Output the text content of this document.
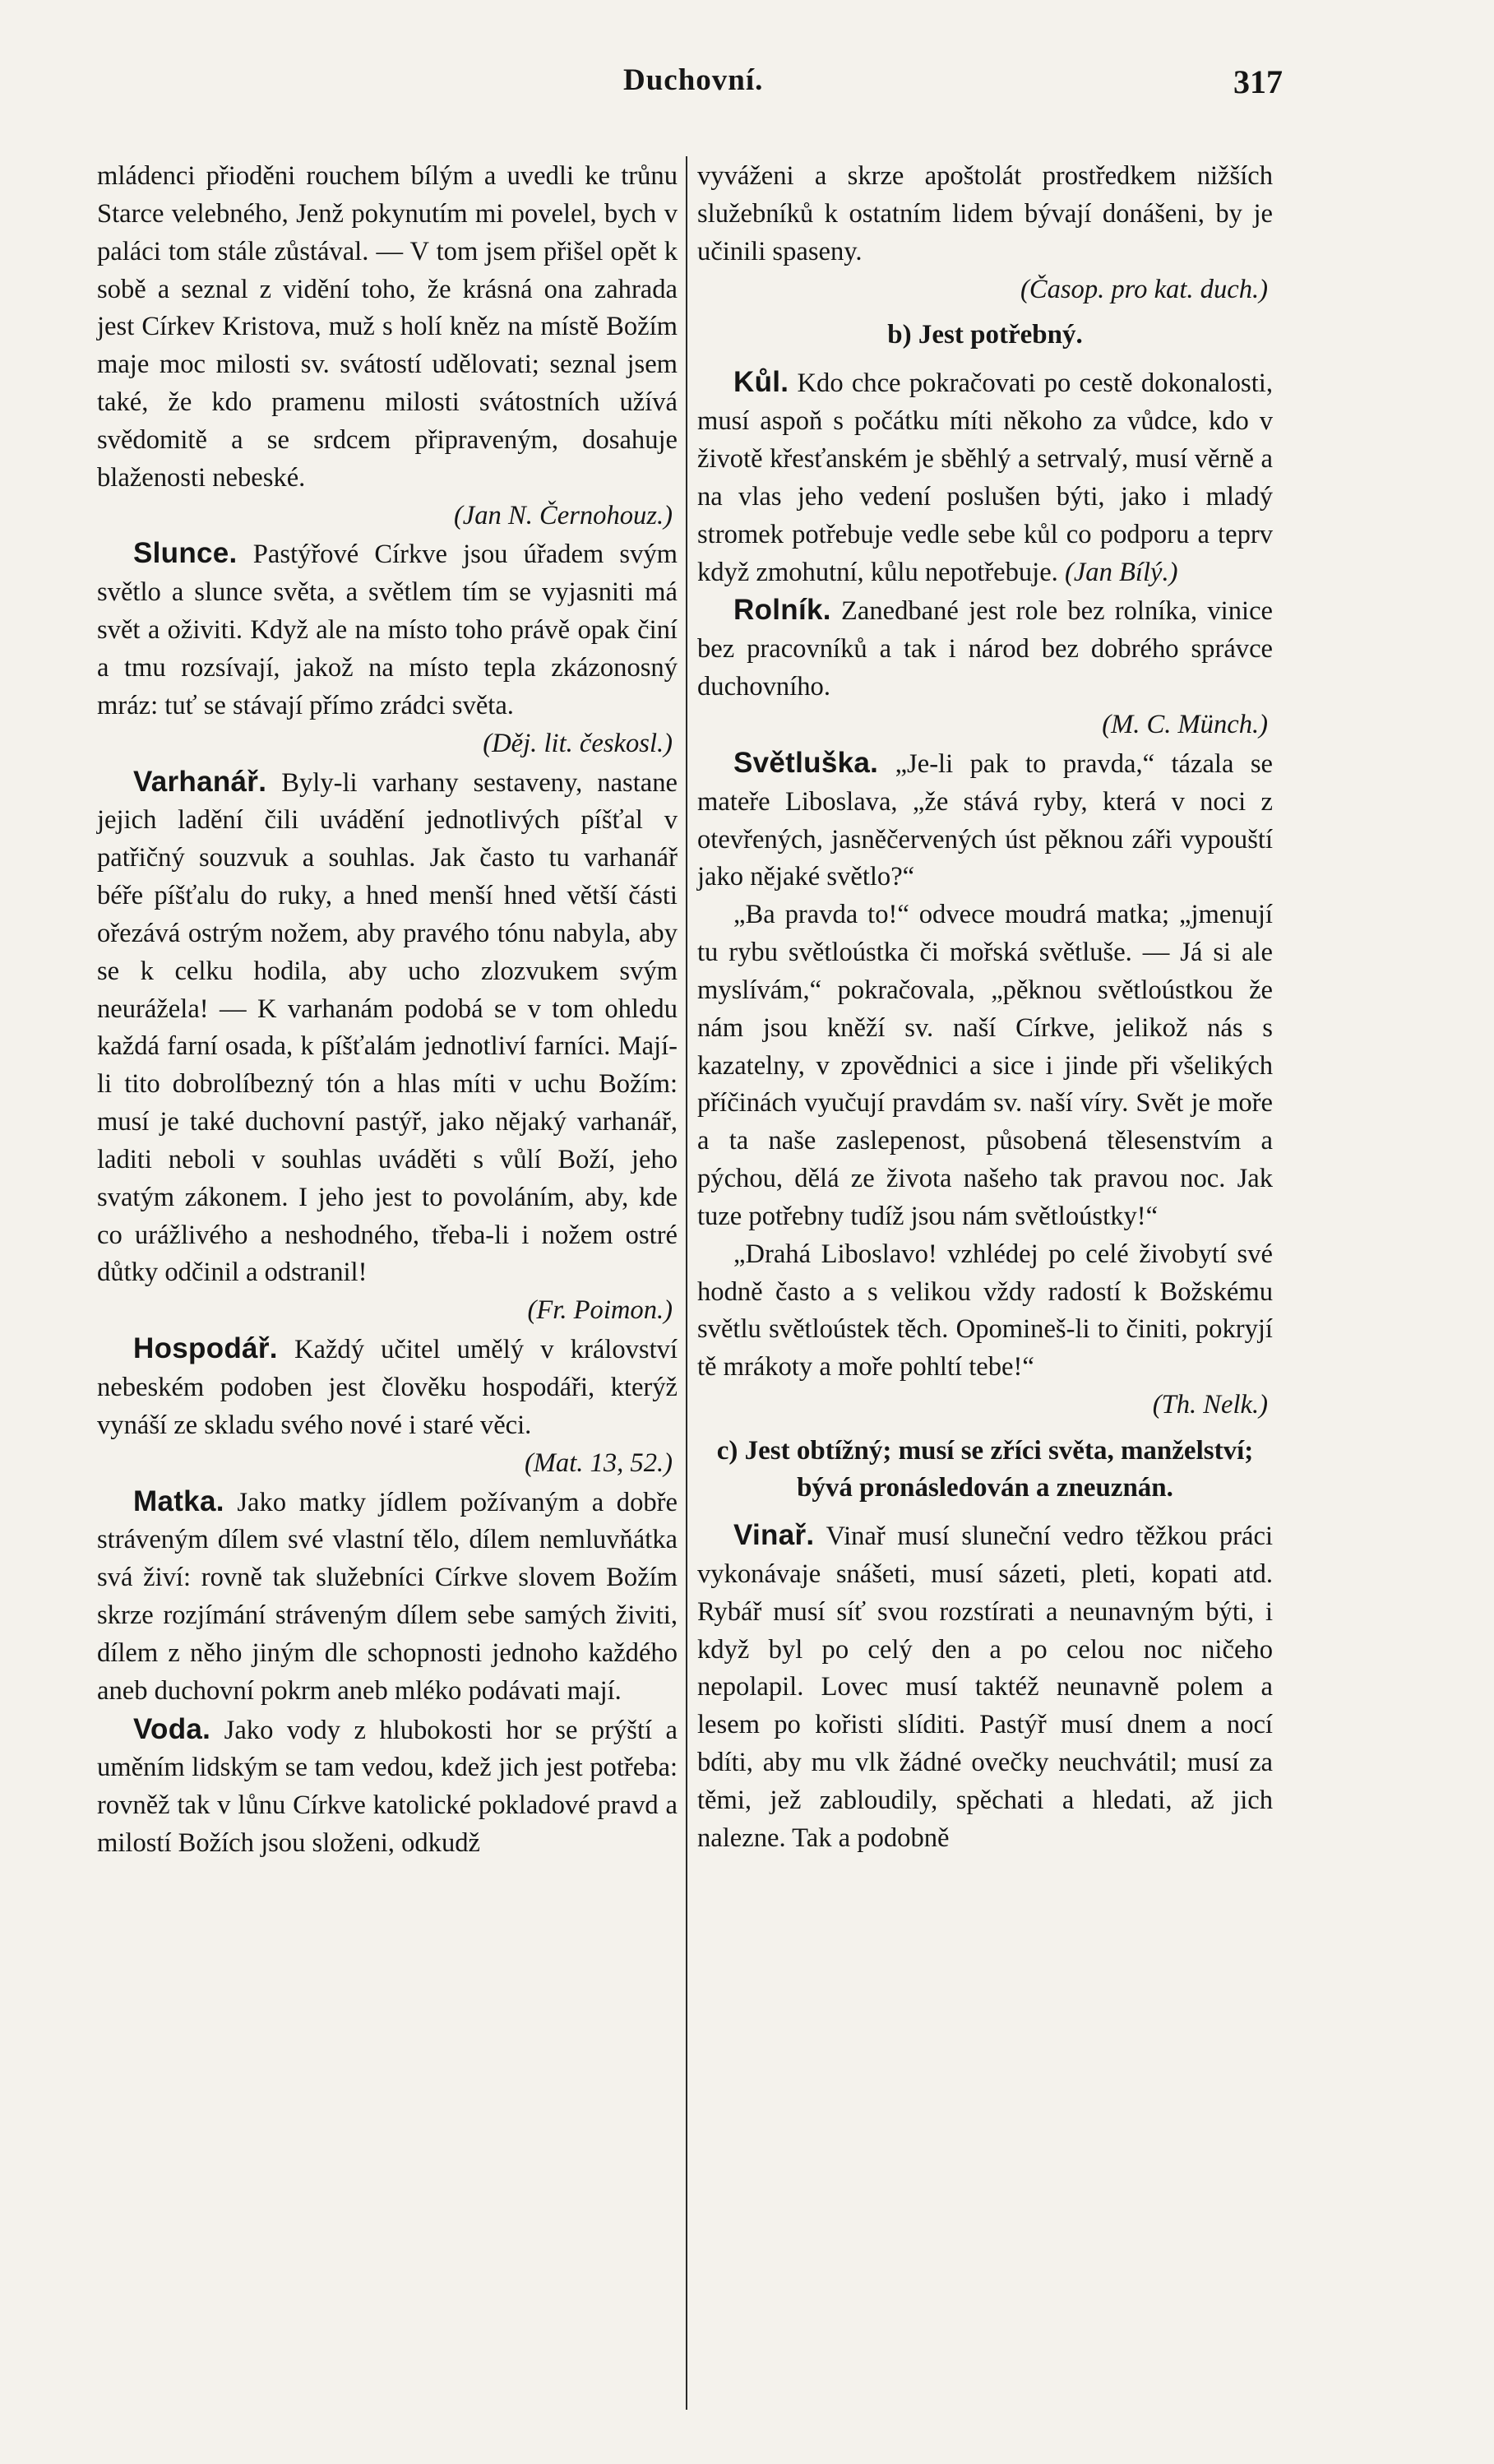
Duchovní.	317

mládenci přioděni rouchem bílým a uvedli ke trůnu Starce velebného, Jenž pokynutím mi povelel, bych v paláci tom stále zůstával. — V tom jsem přišel opět k sobě a seznal z vidění toho, že krásná ona zahrada jest Církev Kristova, muž s holí kněz na místě Božím maje moc milosti sv. svátostí udělovati; seznal jsem také, že kdo pramenu milosti svátostních užívá svědomitě a se srdcem připraveným, dosahuje blaženosti nebeské.

(Jan N. Černohouz.)

Slunce. Pastýřové Církve jsou úřadem svým světlo a slunce světa, a světlem tím se vyjasniti má svět a oživiti. Když ale na místo toho právě opak činí a tmu rozsívají, jakož na místo tepla zkázonosný mráz: tuť se stávají přímo zrádci světa.

(Děj. lit. českosl.)

Varhanář. Byly-li varhany sestaveny, nastane jejich ladění čili uvádění jednotlivých píšťal v patřičný souzvuk a souhlas. Jak často tu varhanář béře píšťalu do ruky, a hned menší hned větší části ořezává ostrým nožem, aby pravého tónu nabyla, aby se k celku hodila, aby ucho zlozvukem svým neurážela! — K varhanám podobá se v tom ohledu každá farní osada, k píšťalám jednotliví farníci. Mají-li tito dobrolíbezný tón a hlas míti v uchu Božím: musí je také duchovní pastýř, jako nějaký varhanář, laditi neboli v souhlas uváděti s vůlí Boží, jeho svatým zákonem. I jeho jest to povoláním, aby, kde co urážlivého a neshodného, třeba-li i nožem ostré důtky odčinil a odstranil!

(Fr. Poimon.)

Hospodář. Každý učitel umělý v království nebeském podoben jest člověku hospodáři, kterýž vynáší ze skladu svého nové i staré věci.

(Mat. 13, 52.)

Matka. Jako matky jídlem požívaným a dobře stráveným dílem své vlastní tělo, dílem nemluvňátka svá živí: rovně tak služebníci Církve slovem Božím skrze rozjímání stráveným dílem sebe samých živiti, dílem z něho jiným dle schopnosti jednoho každého aneb duchovní pokrm aneb mléko podávati mají.

Voda. Jako vody z hlubokosti hor se prýští a uměním lidským se tam vedou, kdež jich jest potřeba: rovněž tak v lůnu Církve katolické pokladové pravd a milostí Božích jsou složeni, odkudž

vyváženi a skrze apoštolát prostředkem nižších služebníků k ostatním lidem bývají donášeni, by je učinili spaseny.

(Časop. pro kat. duch.)

b) Jest potřebný.

Kůl. Kdo chce pokračovati po cestě dokonalosti, musí aspoň s počátku míti někoho za vůdce, kdo v životě křesťanském je sběhlý a setrvalý, musí věrně a na vlas jeho vedení poslušen býti, jako i mladý stromek potřebuje vedle sebe kůl co podporu a teprv když zmohutní, kůlu nepotřebuje. (Jan Bílý.)

Rolník. Zanedbané jest role bez rolníka, vinice bez pracovníků a tak i národ bez dobrého správce duchovního.

(M. C. Münch.)

Světluška. „Je-li pak to pravda,“ tázala se mateře Liboslava, „že stává ryby, která v noci z otevřených, jasněčervených úst pěknou záři vypouští jako nějaké světlo?“

„Ba pravda to!“ odvece moudrá matka; „jmenují tu rybu světloústka či mořská světluše. — Já si ale myslívám,“ pokračovala, „pěknou světloústkou že nám jsou kněží sv. naší Církve, jelikož nás s kazatelny, v zpovědnici a sice i jinde při všelikých příčinách vyučují pravdám sv. naší víry. Svět je moře a ta naše zaslepenost, působená tělesenstvím a pýchou, dělá ze života našeho tak pravou noc. Jak tuze potřebny tudíž jsou nám světloústky!“

„Drahá Liboslavo! vzhlédej po celé živobytí své hodně často a s velikou vždy radostí k Božskému světlu světloústek těch. Opomineš-li to činiti, pokryjí tě mrákoty a moře pohltí tebe!“

(Th. Nelk.)

c) Jest obtížný; musí se zříci světa, manželství; bývá pronásledován a zneuznán.

Vinař. Vinař musí sluneční vedro těžkou práci vykonávaje snášeti, musí sázeti, pleti, kopati atd. Rybář musí síť svou rozstírati a neunavným býti, i když byl po celý den a po celou noc ničeho nepolapil. Lovec musí taktéž neunavně polem a lesem po kořisti slíditi. Pastýř musí dnem a nocí bdíti, aby mu vlk žádné ovečky neuchvátil; musí za těmi, jež zabloudily, spěchati a hledati, až jich nalezne. Tak a podobně
